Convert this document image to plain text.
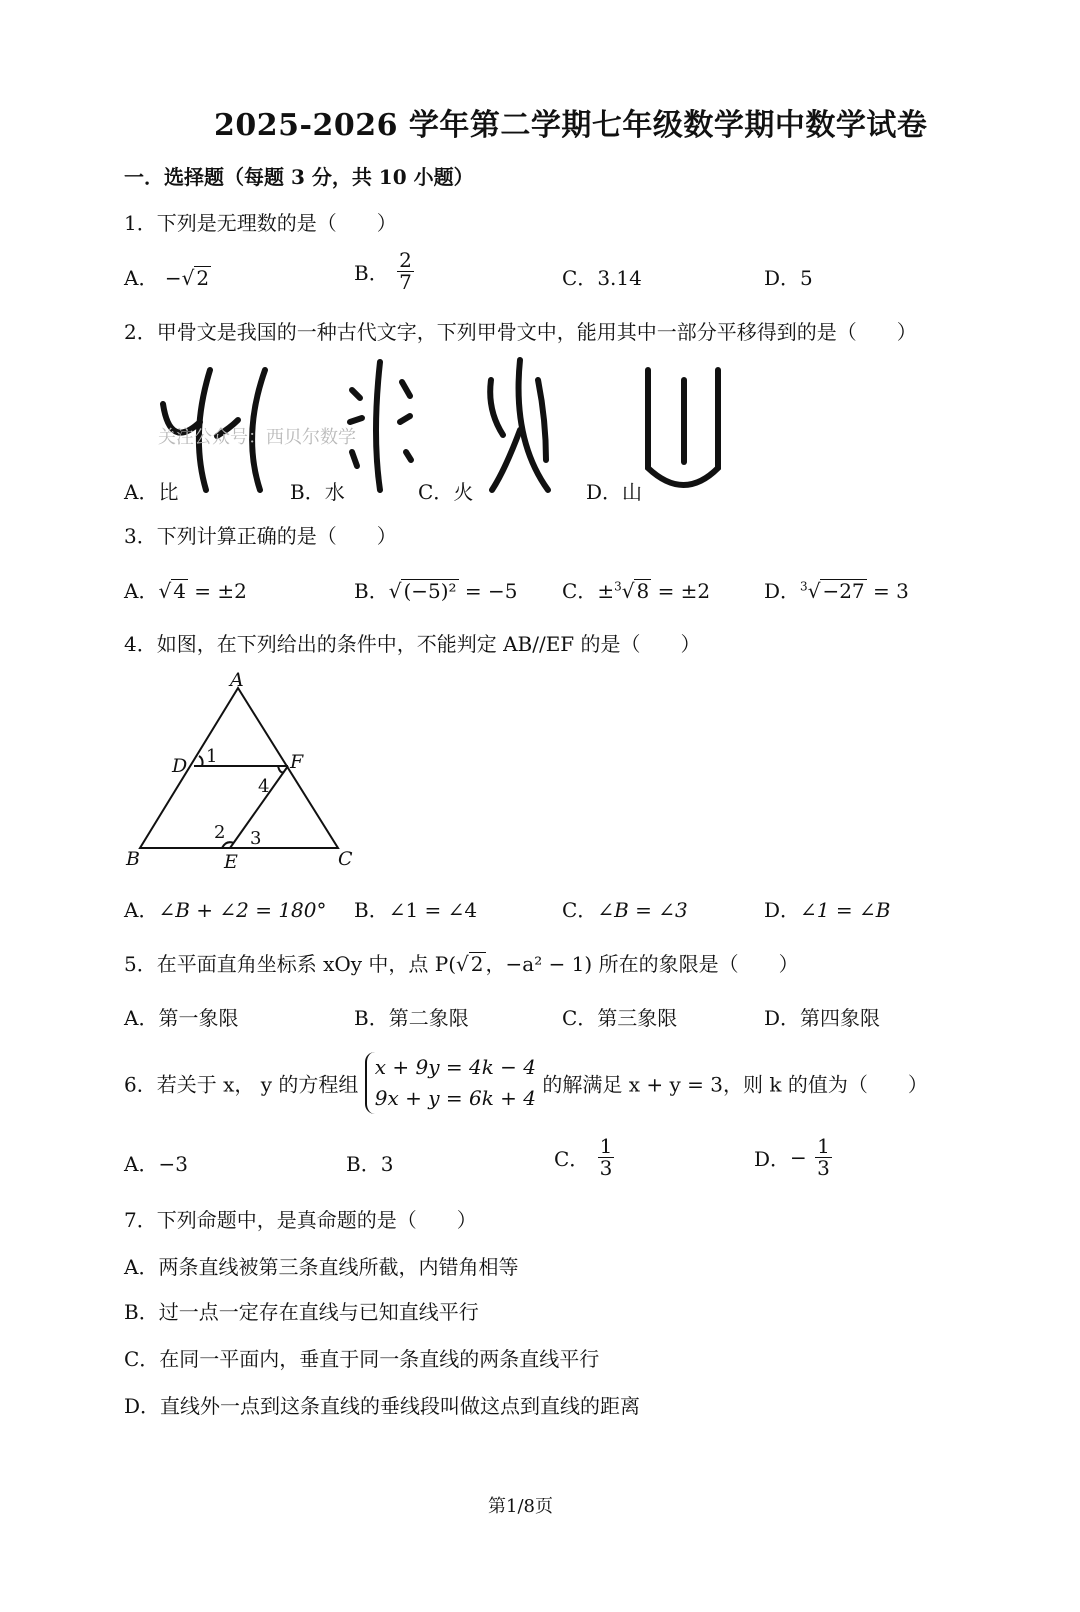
2025-2026 学年第二学期七年级数学期中数学试卷
一．选择题（每题 3 分，共 10 小题）
1．下列是无理数的是（　　）
A． −√ 2	B． $\frac{2}{7}$	C．3.14	D．5
2．甲骨文是我国的一种古代文字，下列甲骨文中，能用其中一部分平移得到的是（　　）
关注公众号：西贝尔数学
A．比	B．水	C．火	D．山
3．下列计算正确的是（　　）
A．√ 4 = ±2	B．√ (−5)² = −5 C．±$^3$√ 8 = ±2	D．$^3$√ −27 = 3
4．如图，在下列给出的条件中，不能判定 AB//EF 的是（　　）
A
D	F
B	E	C
1
4
2 3
A．∠B + ∠2 = 180° B．∠1 = ∠4	C．∠B = ∠3	D．∠1 = ∠B
5．在平面直角坐标系 xOy 中，点 P(√ 2 ，−a² − 1) 所在的象限是（　　）
A．第一象限	B．第二象限	C．第三象限	D．第四象限
6．若关于 x， y 的方程组 x + 9y = 4k − 4
9x + y = 6k + 4 的解满足 x + y = 3，则 k 的值为（　　）
A．−3	B．3	C． $\frac{1}{3}$	D．− $\frac{1}{3}$
7．下列命题中，是真命题的是（　　）
A．两条直线被第三条直线所截，内错角相等
B．过一点一定存在直线与已知直线平行
C．在同一平面内，垂直于同一条直线的两条直线平行
D．直线外一点到这条直线的垂线段叫做这点到直线的距离
第1/8页
